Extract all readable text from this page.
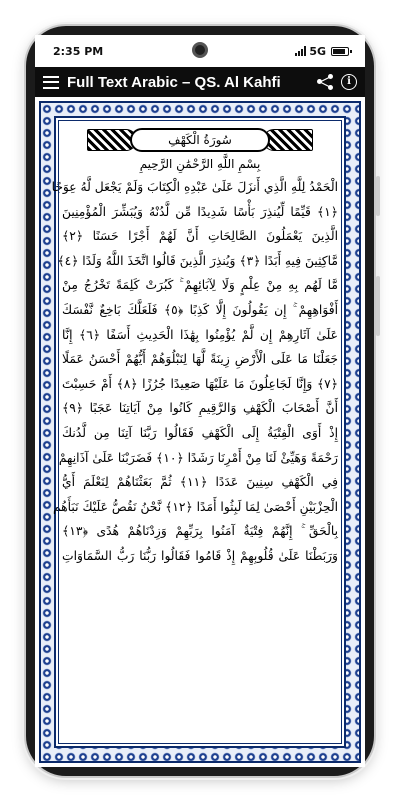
2:35 PM	5G
Full Text Arabic – QS. Al Kahfi	i
سُورَةُ الْكَهْفِ
بِسْمِ اللَّهِ الرَّحْمَٰنِ الرَّحِيمِ
الْحَمْدُ لِلَّهِ الَّذِي أَنزَلَ عَلَىٰ عَبْدِهِ الْكِتَابَ وَلَمْ يَجْعَل لَّهُ عِوَجًا
﴿١﴾ قَيِّمًا لِّيُنذِرَ بَأْسًا شَدِيدًا مِّن لَّدُنْهُ وَيُبَشِّرَ الْمُؤْمِنِينَ
الَّذِينَ يَعْمَلُونَ الصَّالِحَاتِ أَنَّ لَهُمْ أَجْرًا حَسَنًا ﴿٢﴾
مَّاكِثِينَ فِيهِ أَبَدًا ﴿٣﴾ وَيُنذِرَ الَّذِينَ قَالُوا اتَّخَذَ اللَّهُ وَلَدًا ﴿٤﴾
مَّا لَهُم بِهِ مِنْ عِلْمٍ وَلَا لِآبَائِهِمْ ۚ كَبُرَتْ كَلِمَةً تَخْرُجُ مِنْ
أَفْوَاهِهِمْ ۚ إِن يَقُولُونَ إِلَّا كَذِبًا ﴿٥﴾ فَلَعَلَّكَ بَاخِعٌ نَّفْسَكَ
عَلَىٰ آثَارِهِمْ إِن لَّمْ يُؤْمِنُوا بِهَٰذَا الْحَدِيثِ أَسَفًا ﴿٦﴾ إِنَّا
جَعَلْنَا مَا عَلَى الْأَرْضِ زِينَةً لَّهَا لِنَبْلُوَهُمْ أَيُّهُمْ أَحْسَنُ عَمَلًا
﴿٧﴾ وَإِنَّا لَجَاعِلُونَ مَا عَلَيْهَا صَعِيدًا جُرُزًا ﴿٨﴾ أَمْ حَسِبْتَ
أَنَّ أَصْحَابَ الْكَهْفِ وَالرَّقِيمِ كَانُوا مِنْ آيَاتِنَا عَجَبًا ﴿٩﴾
إِذْ أَوَى الْفِتْيَةُ إِلَى الْكَهْفِ فَقَالُوا رَبَّنَا آتِنَا مِن لَّدُنكَ
رَحْمَةً وَهَيِّئْ لَنَا مِنْ أَمْرِنَا رَشَدًا ﴿١٠﴾ فَضَرَبْنَا عَلَىٰ آذَانِهِمْ
فِي الْكَهْفِ سِنِينَ عَدَدًا ﴿١١﴾ ثُمَّ بَعَثْنَاهُمْ لِنَعْلَمَ أَيُّ
الْحِزْبَيْنِ أَحْصَىٰ لِمَا لَبِثُوا أَمَدًا ﴿١٢﴾ نَّحْنُ نَقُصُّ عَلَيْكَ نَبَأَهُم
بِالْحَقِّ ۚ إِنَّهُمْ فِتْيَةٌ آمَنُوا بِرَبِّهِمْ وَزِدْنَاهُمْ هُدًى ﴿١٣﴾
وَرَبَطْنَا عَلَىٰ قُلُوبِهِمْ إِذْ قَامُوا فَقَالُوا رَبُّنَا رَبُّ السَّمَاوَاتِ
